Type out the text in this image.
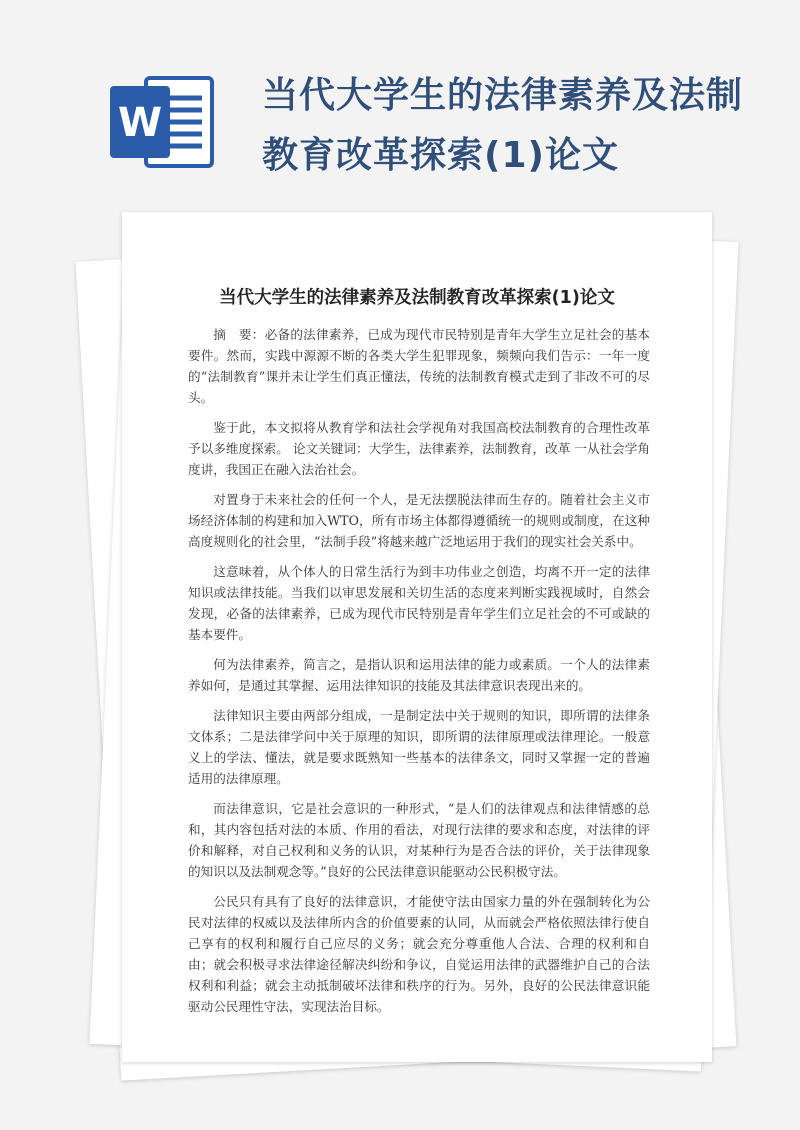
W
当代大学生的法律素养及法制教育改革探索(1)论文
当代大学生的法律素养及法制教育改革探索(1)论文

摘　要：必备的法律素养，已成为现代市民特别是青年大学生立足社会的基本要件。然而，实践中源源不断的各类大学生犯罪现象，频频向我们告示：一年一度的“法制教育”课并未让学生们真正懂法，传统的法制教育模式走到了非改不可的尽头。

鉴于此，本文拟将从教育学和法社会学视角对我国高校法制教育的合理性改革予以多维度探索。 论文关键词：大学生，法律素养，法制教育，改革 一从社会学角度讲，我国正在融入法治社会。

对置身于未来社会的任何一个人，是无法摆脱法律而生存的。随着社会主义市场经济体制的构建和加入WTO，所有市场主体都得遵循统一的规则或制度，在这种高度规则化的社会里，“法制手段”将越来越广泛地运用于我们的现实社会关系中。

这意味着，从个体人的日常生活行为到丰功伟业之创造，均离不开一定的法律知识或法律技能。当我们以审思发展和关切生活的态度来判断实践视域时，自然会发现，必备的法律素养，已成为现代市民特别是青年学生们立足社会的不可或缺的基本要件。

何为法律素养，简言之，是指认识和运用法律的能力或素质。一个人的法律素养如何，是通过其掌握、运用法律知识的技能及其法律意识表现出来的。

法律知识主要由两部分组成，一是制定法中关于规则的知识，即所谓的法律条文体系；二是法律学问中关于原理的知识，即所谓的法律原理或法律理论。一般意义上的学法、懂法，就是要求既熟知一些基本的法律条文，同时又掌握一定的普遍适用的法律原理。

而法律意识，它是社会意识的一种形式，“是人们的法律观点和法律情感的总和，其内容包括对法的本质、作用的看法，对现行法律的要求和态度，对法律的评价和解释，对自己权利和义务的认识，对某种行为是否合法的评价，关于法律现象的知识以及法制观念等。”良好的公民法律意识能驱动公民积极守法。

公民只有具有了良好的法律意识，才能使守法由国家力量的外在强制转化为公民对法律的权威以及法律所内含的价值要素的认同，从而就会严格依照法律行使自己享有的权利和履行自己应尽的义务；就会充分尊重他人合法、合理的权利和自由；就会积极寻求法律途径解决纠纷和争议，自觉运用法律的武器维护自己的合法权利和利益；就会主动抵制破坏法律和秩序的行为。另外，良好的公民法律意识能驱动公民理性守法，实现法治目标。
